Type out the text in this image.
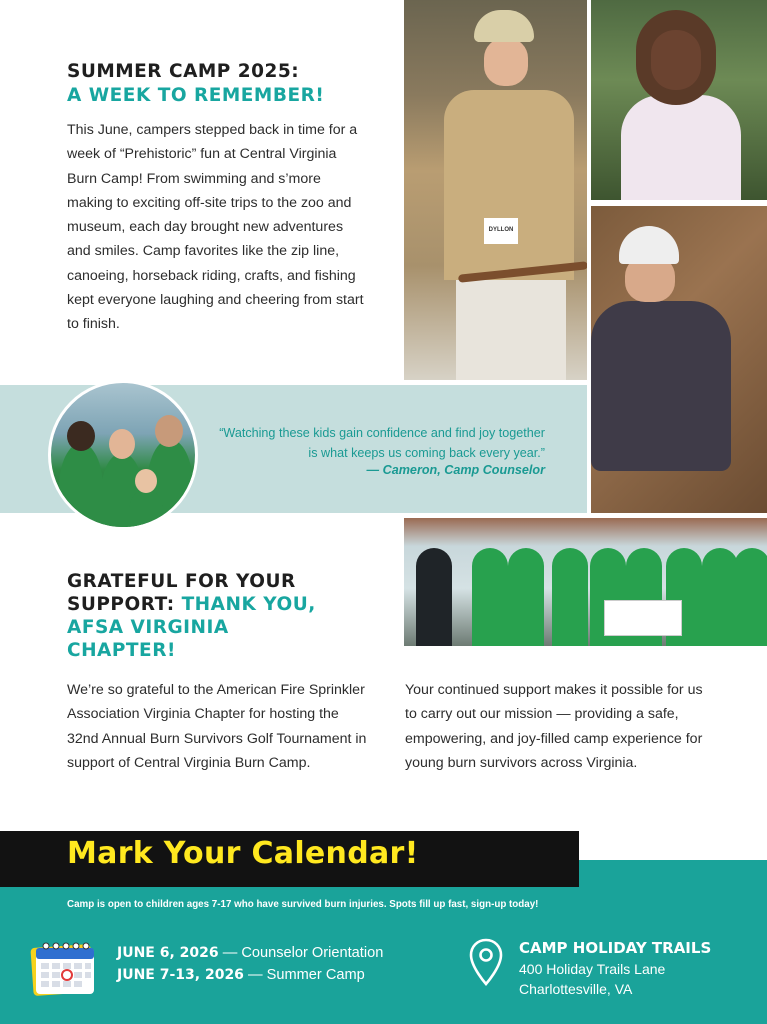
SUMMER CAMP 2025:
A WEEK TO REMEMBER!

This June, campers stepped back in time for a week of “Prehistoric” fun at Central Virginia Burn Camp! From swimming and s’more making to exciting off-site trips to the zoo and museum, each day brought new adventures and smiles. Camp favorites like the zip line, canoeing, horseback riding, crafts, and fishing kept everyone laughing and cheering from start to finish.

DYLLON
“Watching these kids gain confidence and find joy together is what keeps us coming back every year.”
— Cameron, Camp Counselor
GRATEFUL FOR YOUR SUPPORT: THANK YOU, AFSA VIRGINIA CHAPTER!

We’re so grateful to the American Fire Sprinkler Association Virginia Chapter for hosting the 32nd Annual Burn Survivors Golf Tournament in support of Central Virginia Burn Camp.

Your continued support makes it possible for us to carry out our mission — providing a safe, empowering, and joy-filled camp experience for young burn survivors across Virginia.

Mark Your Calendar!
Camp is open to children ages 7-17 who have survived burn injuries. Spots fill up fast, sign-up today!
JUNE 6, 2026 — Counselor Orientation
JUNE 7-13, 2026 — Summer Camp
CAMP HOLIDAY TRAILS
400 Holiday Trails Lane
Charlottesville, VA
